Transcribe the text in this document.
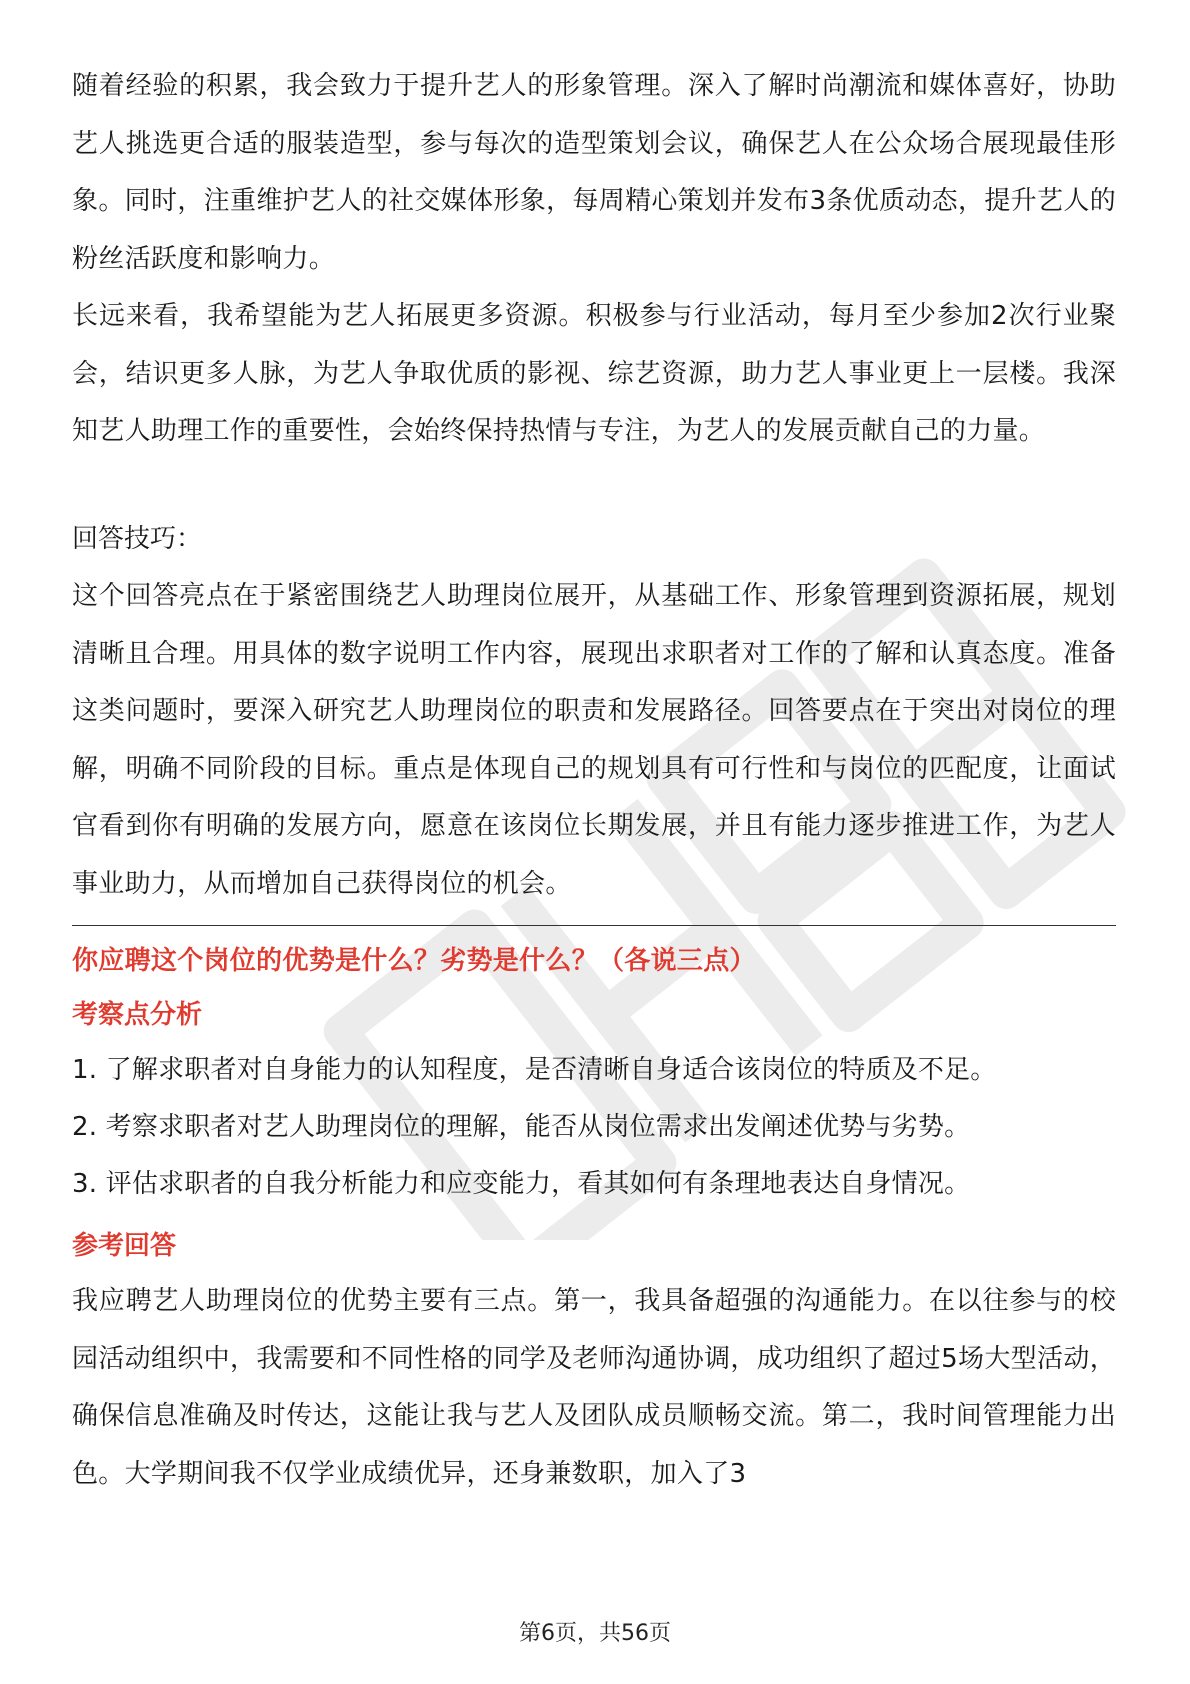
随着经验的积累，我会致力于提升艺人的形象管理。深入了解时尚潮流和媒体喜好，协助艺人挑选更合适的服装造型，参与每次的造型策划会议，确保艺人在公众场合展现最佳形象。同时，注重维护艺人的社交媒体形象，每周精心策划并发布3条优质动态，提升艺人的粉丝活跃度和影响力。

长远来看，我希望能为艺人拓展更多资源。积极参与行业活动，每月至少参加2次行业聚会，结识更多人脉，为艺人争取优质的影视、综艺资源，助力艺人事业更上一层楼。我深知艺人助理工作的重要性，会始终保持热情与专注，为艺人的发展贡献自己的力量。

回答技巧：

这个回答亮点在于紧密围绕艺人助理岗位展开，从基础工作、形象管理到资源拓展，规划清晰且合理。用具体的数字说明工作内容，展现出求职者对工作的了解和认真态度。准备这类问题时，要深入研究艺人助理岗位的职责和发展路径。回答要点在于突出对岗位的理解，明确不同阶段的目标。重点是体现自己的规划具有可行性和与岗位的匹配度，让面试官看到你有明确的发展方向，愿意在该岗位长期发展，并且有能力逐步推进工作，为艺人事业助力，从而增加自己获得岗位的机会。

你应聘这个岗位的优势是什么？劣势是什么？（各说三点）

考察点分析

1. 了解求职者对自身能力的认知程度，是否清晰自身适合该岗位的特质及不足。
2. 考察求职者对艺人助理岗位的理解，能否从岗位需求出发阐述优势与劣势。
3. 评估求职者的自我分析能力和应变能力，看其如何有条理地表达自身情况。

参考回答

我应聘艺人助理岗位的优势主要有三点。第一，我具备超强的沟通能力。在以往参与的校园活动组织中，我需要和不同性格的同学及老师沟通协调，成功组织了超过5场大型活动，确保信息准确及时传达，这能让我与艺人及团队成员顺畅交流。第二，我时间管理能力出色。大学期间我不仅学业成绩优异，还身兼数职，加入了3

第6页，共56页
